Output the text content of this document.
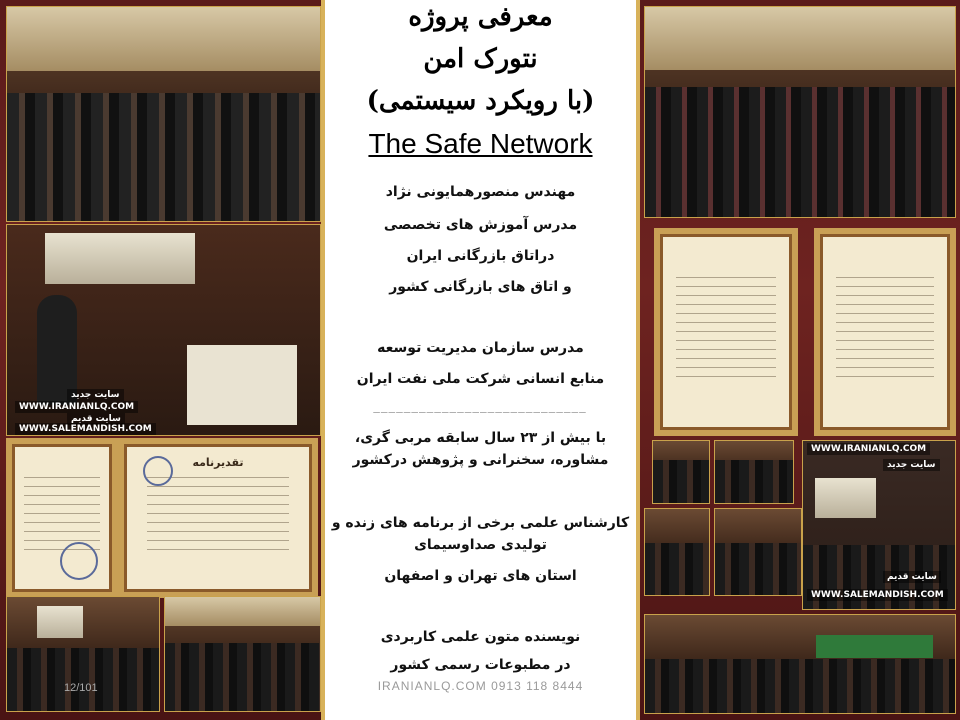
سایت جدید
WWW.IRANIANLQ.COM
سایت قدیم
WWW.SALEMANDISH.COM
تقدیرنامه
معرفی پروژه
نتورک امن
(با رویکرد سیستمی)
The Safe Network
مهندس منصورهمایونی نژاد
مدرس آموزش های تخصصی
دراتاق بازرگانی ایران
و اتاق های بازرگانی کشور
مدرس سازمان مدیریت توسعه
منابع انسانی شرکت ملی نفت ایران
____________________________
با بیش از ۲۳ سال سابقه مربی گری،
مشاوره، سخنرانی و پژوهش درکشور
کارشناس علمی برخی از برنامه های زنده و
تولیدی صداوسیمای
استان های تهران و اصفهان
نویسنده متون علمی کاربردی
در مطبوعات رسمی کشور
IRANIANLQ.COM 0913 118 8444
12/101
WWW.IRANIANLQ.COM
سایت جدید
سایت قدیم
WWW.SALEMANDISH.COM
